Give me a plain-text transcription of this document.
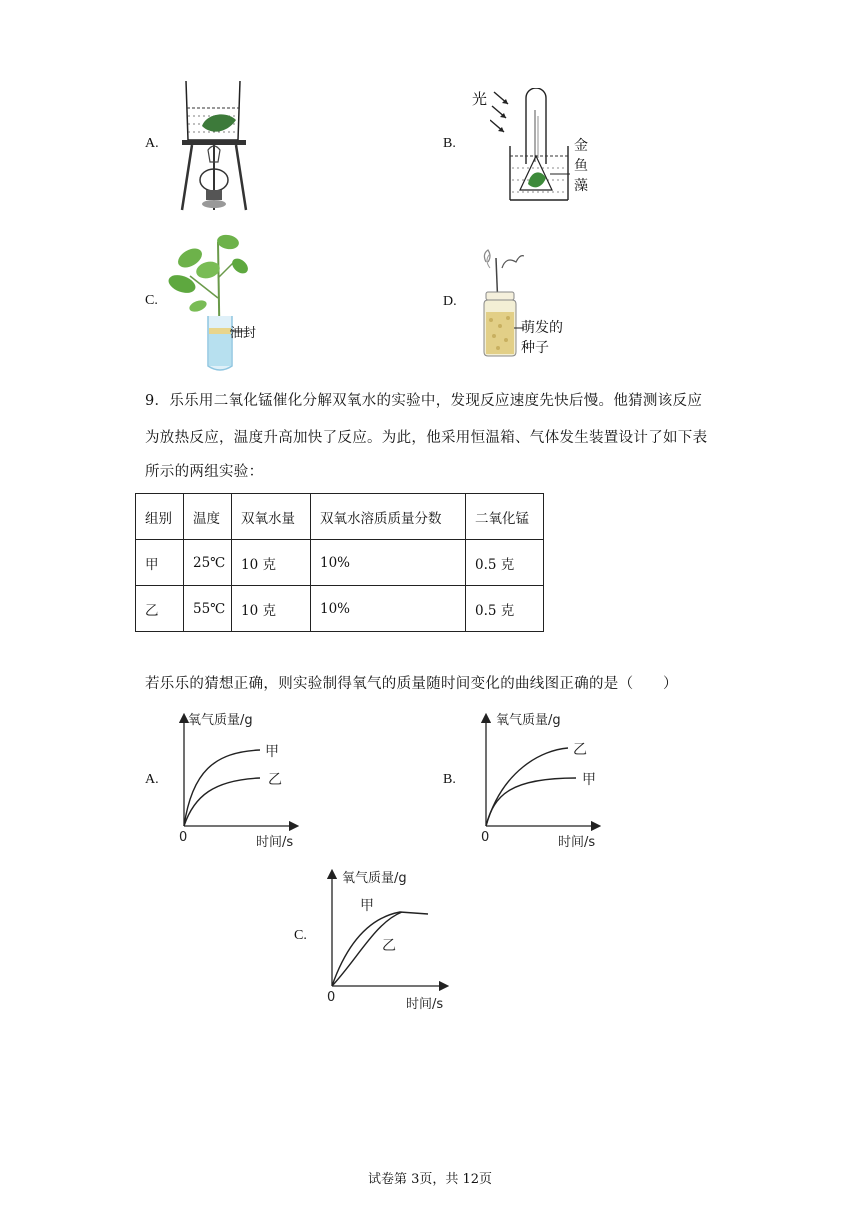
A.	B.
光
金
鱼
藻
C.
油封
D.
萌发的
种子
9．乐乐用二氧化锰催化分解双氧水的实验中，发现反应速度先快后慢。他猜测该反应
为放热反应，温度升高加快了反应。为此，他采用恒温箱、气体发生装置设计了如下表
所示的两组实验：
组别	温度	双氧水量	双氧水溶质质量分数	二氧化锰
甲	25℃	10 克	10%	0.5 克
乙	55℃	10 克	10%	0.5 克
若乐乐的猜想正确，则实验制得氧气的质量随时间变化的曲线图正确的是（　　）
A.
氧气质量/g
时间/s
0
甲
乙	B.
氧气质量/g
时间/s
0
乙
甲
C.
氧气质量/g
时间/s
0
甲
乙
试卷第 3页，共 12页
